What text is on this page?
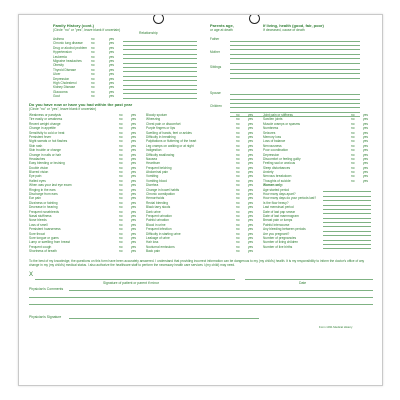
Family History (cont.)
(Circle "no" or "yes", leave blank if uncertain)
Relationship
Asthma	no	yes
Chronic lung disease	no	yes
Drug or alcohol problem no	yes
Hypertension	no	yes
Leukemia	no	yes
Migraine headaches	no	yes
Obesity	no	yes
Thyroid Disease	no	yes
Ulcer	no	yes
Depression	no	yes
High Cholesterol	no	yes
Kidney Disease	no	yes
Glaucoma	no	yes
Gout	no	yes
Parents age,
or age at death
If living, health (good, fair, poor)
If deceased, cause of death
Father
Mother
Siblings
Spouse
Children
Do you have now or have you had within the past year
(Circle "no" or "yes", leave blank if uncertain)
Weakness or paralysis	no	yes
Tire easily or weakness	no	yes
Recent weight change	no	yes
Change in appetite	no	yes
Sensitivity to cold or heat	no	yes
Persistent fever	no	yes
Night sweats or hot flashes	no	yes
Skin rash	no	yes
Skin trouble or change	no	yes
Change in nails or hair	no	yes
Headaches	no	yes
Easy bleeding or bruising	no	yes
Double vision	no	yes
Blurred vision	no	yes
Eye pain	no	yes
Halted eyes	no	yes
When was your last eye exam	no	yes
Ringing in the ears	no	yes
Discharge from ears	no	yes
Ear pain	no	yes
Dizziness or fainting	no	yes
Decrease in hearing	no	yes
Frequent nosebleeds	no	yes
Nasal stuffiness	no	yes
Nose bleeds	no	yes
Loss of smell	no	yes
Persistent hoarseness	no	yes
Sore throat	no	yes
Sore tongue or gums	no	yes
Lump or swelling from breast	no	yes
Frequent cough	no	yes
Shortness of breath	no	yes
Bloody sputum	no	yes
Wheezing	no	yes
Chest pain or discomfort	no	yes
Purple fingers or lips	no	yes
Swelling of hands, feet or ankles	no	yes
Difficulty in breathing	no	yes
Palpitations or fluttering of the heart	no	yes
Leg cramps on walking or at night	no	yes
Indigestion	no	yes
Difficulty swallowing	no	yes
Nausea	no	yes
Heartburn	no	yes
Frequent belching	no	yes
Abdominal pain	no	yes
Vomiting	no	yes
Vomiting blood	no	yes
Diarrhea	no	yes
Change in bowel habits	no	yes
Chronic constipation	no	yes
Hemorrhoids	no	yes
Rectal bleeding	no	yes
Black tarry stools	no	yes
Dark urine	no	yes
Frequent urination	no	yes
Painful urination	no	yes
Blood in urine	no	yes
Frequent infection	no	yes
Difficulty in starting urine	no	yes
Leakage of urine	no	yes
Hair loss	no	yes
Nocturnal emissions	no	yes
Back pain	no	yes
Joint pain or stiffness	no	yes
Swollen joints	no	yes
Muscle cramps or spasms	no	yes
Numbness	no	yes
Seizures	no	yes
Memory loss	no	yes
Loss of balance	no	yes
Nervousness	no	yes
Poor coordination	no	yes
Depression	no	yes
Discomfort or feeling guilty	no	yes
Feeling sad or anxious	no	yes
Sleep disturbances	no	yes
Anxiety	no	yes
Nervous breakdown	no	yes
Thoughts of suicide	no	yes
Women only:
Age started period
How many days apart?
How many days do your periods last?
Is the flow heavy?
Last menstrual period
Date of last pap smear
Date of last mammogram
Breast pain or lumps
Painful intercourse
Any bleeding between periods
Are you pregnant?
Number of pregnancies
Number of living children
Number of live births
To the best of my knowledge, the questions on this form have been accurately answered. I understand that providing incorrect information can be dangerous to my (my child's) health. It is my responsibility to inform the doctor's office of any change in my (my child's) medical status. I also authorize the healthcare staff to perform the necessary health care services I (my child) may need.
X
Signature of patient or parent if minor	Date
Physician's Comments
Physician's Signature
Form 1031 Medical History
